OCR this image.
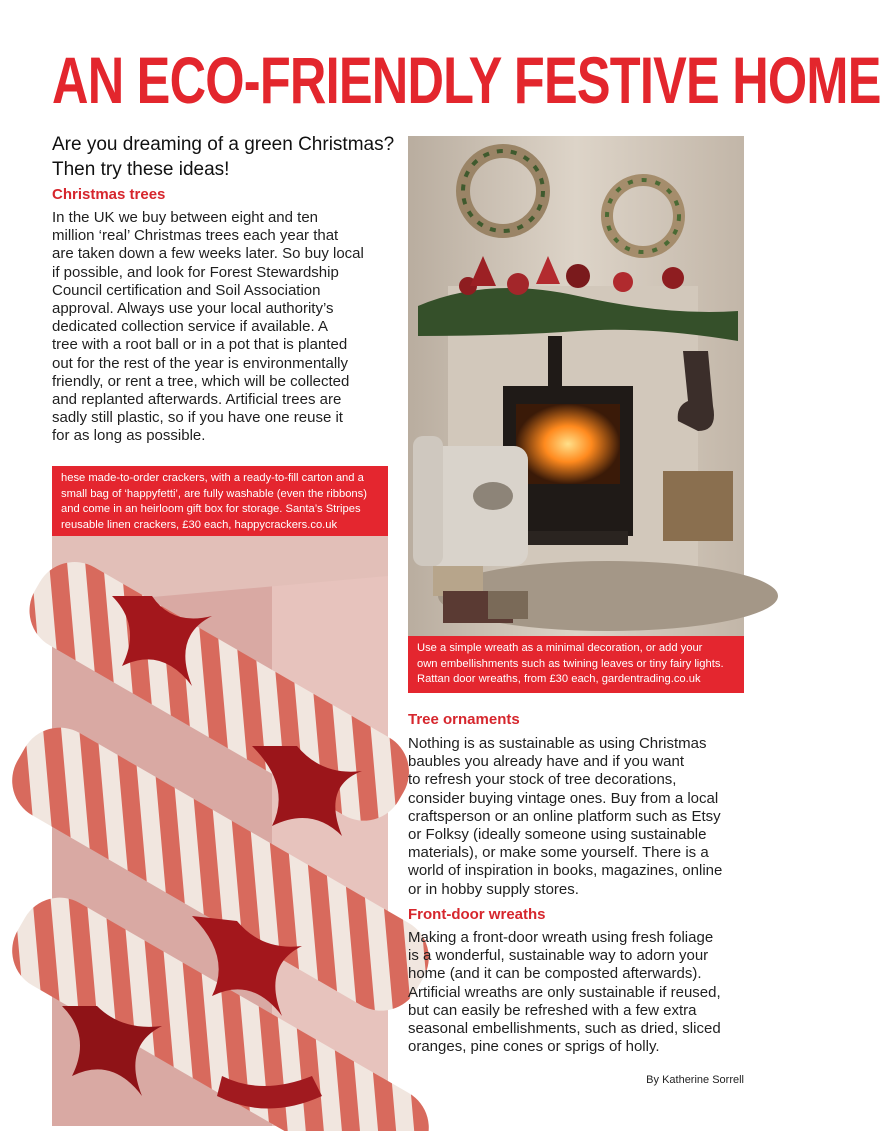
AN ECO-FRIENDLY FESTIVE HOME
Are you dreaming of a green Christmas?
Then try these ideas!
Christmas trees

In the UK we buy between eight and ten
million ‘real’ Christmas trees each year that
are taken down a few weeks later. So buy local
if possible, and look for Forest Stewardship
Council certification and Soil Association
approval. Always use your local authority’s
dedicated collection service if available. A
tree with a root ball or in a pot that is planted
out for the rest of the year is environmentally
friendly, or rent a tree, which will be collected
and replanted afterwards. Artificial trees are
sadly still plastic, so if you have one reuse it
for as long as possible.

Use a simple wreath as a minimal decoration, or add your
own embellishments such as twining leaves or tiny fairy lights.
Rattan door wreaths, from £30 each, gardentrading.co.uk
hese made-to-order crackers, with a ready-to-fill carton and a
small bag of ‘happyfetti’, are fully washable (even the ribbons)
and come in an heirloom gift box for storage. Santa’s Stripes
reusable linen crackers, £30 each, happycrackers.co.uk
Tree ornaments

Nothing is as sustainable as using Christmas
baubles you already have and if you want
to refresh your stock of tree decorations,
consider buying vintage ones. Buy from a local
craftsperson or an online platform such as Etsy
or Folksy (ideally someone using sustainable
materials), or make some yourself. There is a
world of inspiration in books, magazines, online
or in hobby supply stores.

Front-door wreaths

Making a front-door wreath using fresh foliage
is a wonderful, sustainable way to adorn your
home (and it can be composted afterwards).
Artificial wreaths are only sustainable if reused,
but can easily be refreshed with a few extra
seasonal embellishments, such as dried, sliced
oranges, pine cones or sprigs of holly.

By Katherine Sorrell
